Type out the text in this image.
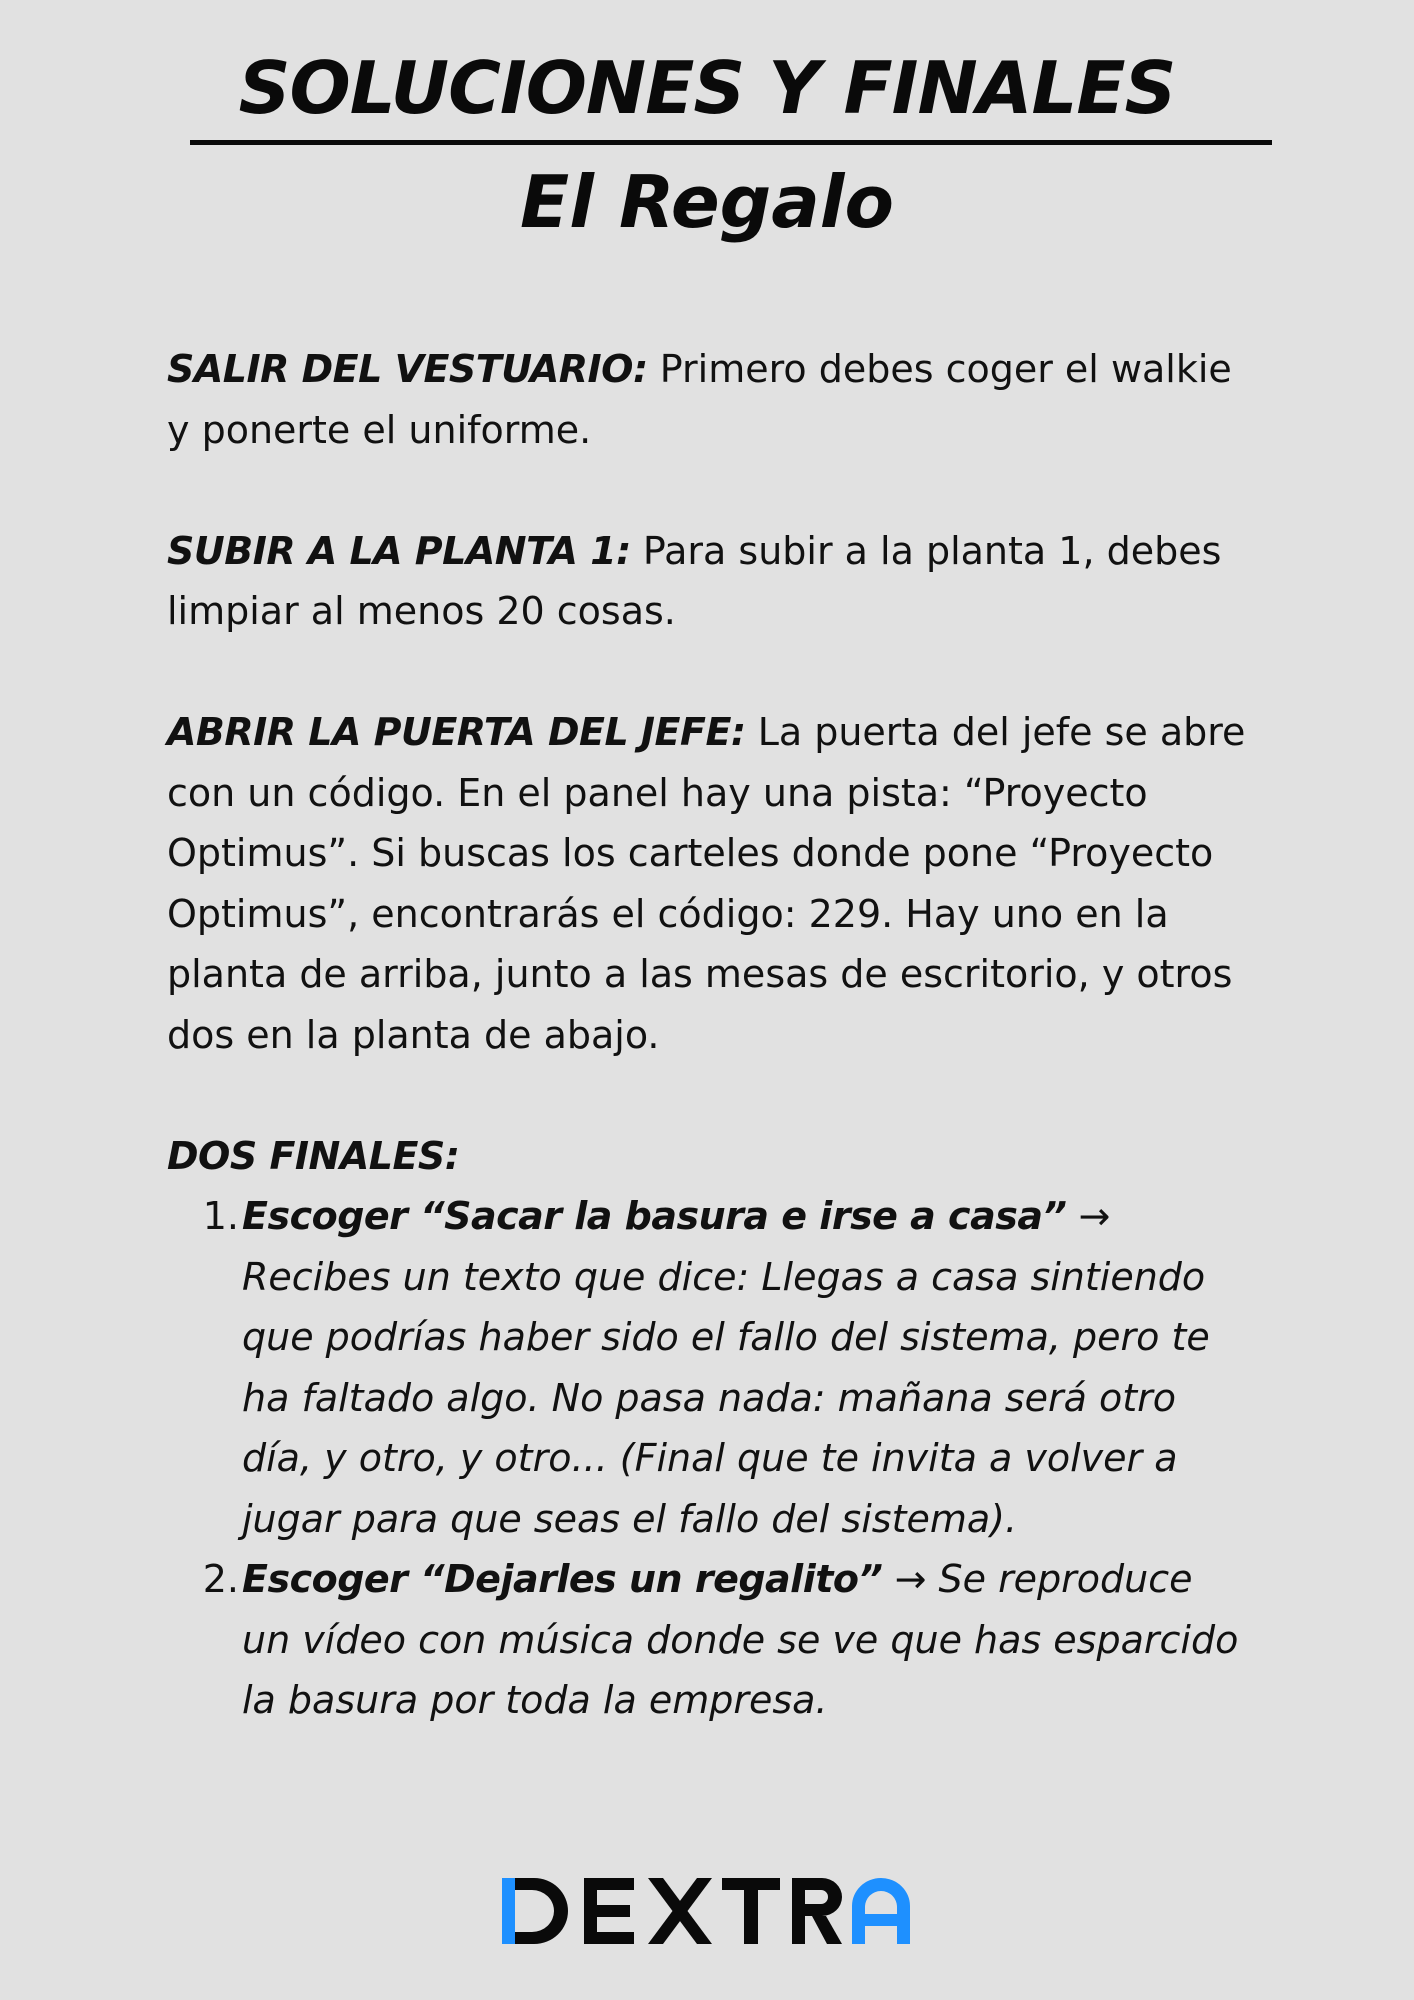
SOLUCIONES Y FINALES
El Regalo

SALIR DEL VESTUARIO: Primero debes coger el walkie y ponerte el uniforme.

SUBIR A LA PLANTA 1: Para subir a la planta 1, debes limpiar al menos 20 cosas.

ABRIR LA PUERTA DEL JEFE: La puerta del jefe se abre con un código. En el panel hay una pista: “Proyecto Optimus”. Si buscas los carteles donde pone “Proyecto Optimus”, encontrarás el código: 229. Hay uno en la planta de arriba, junto a las mesas de escritorio, y otros dos en la planta de abajo.

DOS FINALES:

1. Escoger “Sacar la basura e irse a casa” → Recibes un texto que dice: Llegas a casa sintiendo que podrías haber sido el fallo del sistema, pero te ha faltado algo. No pasa nada: mañana será otro día, y otro, y otro... (Final que te invita a volver a jugar para que seas el fallo del sistema).
2. Escoger “Dejarles un regalito” → Se reproduce un vídeo con música donde se ve que has esparcido la basura por toda la empresa.
